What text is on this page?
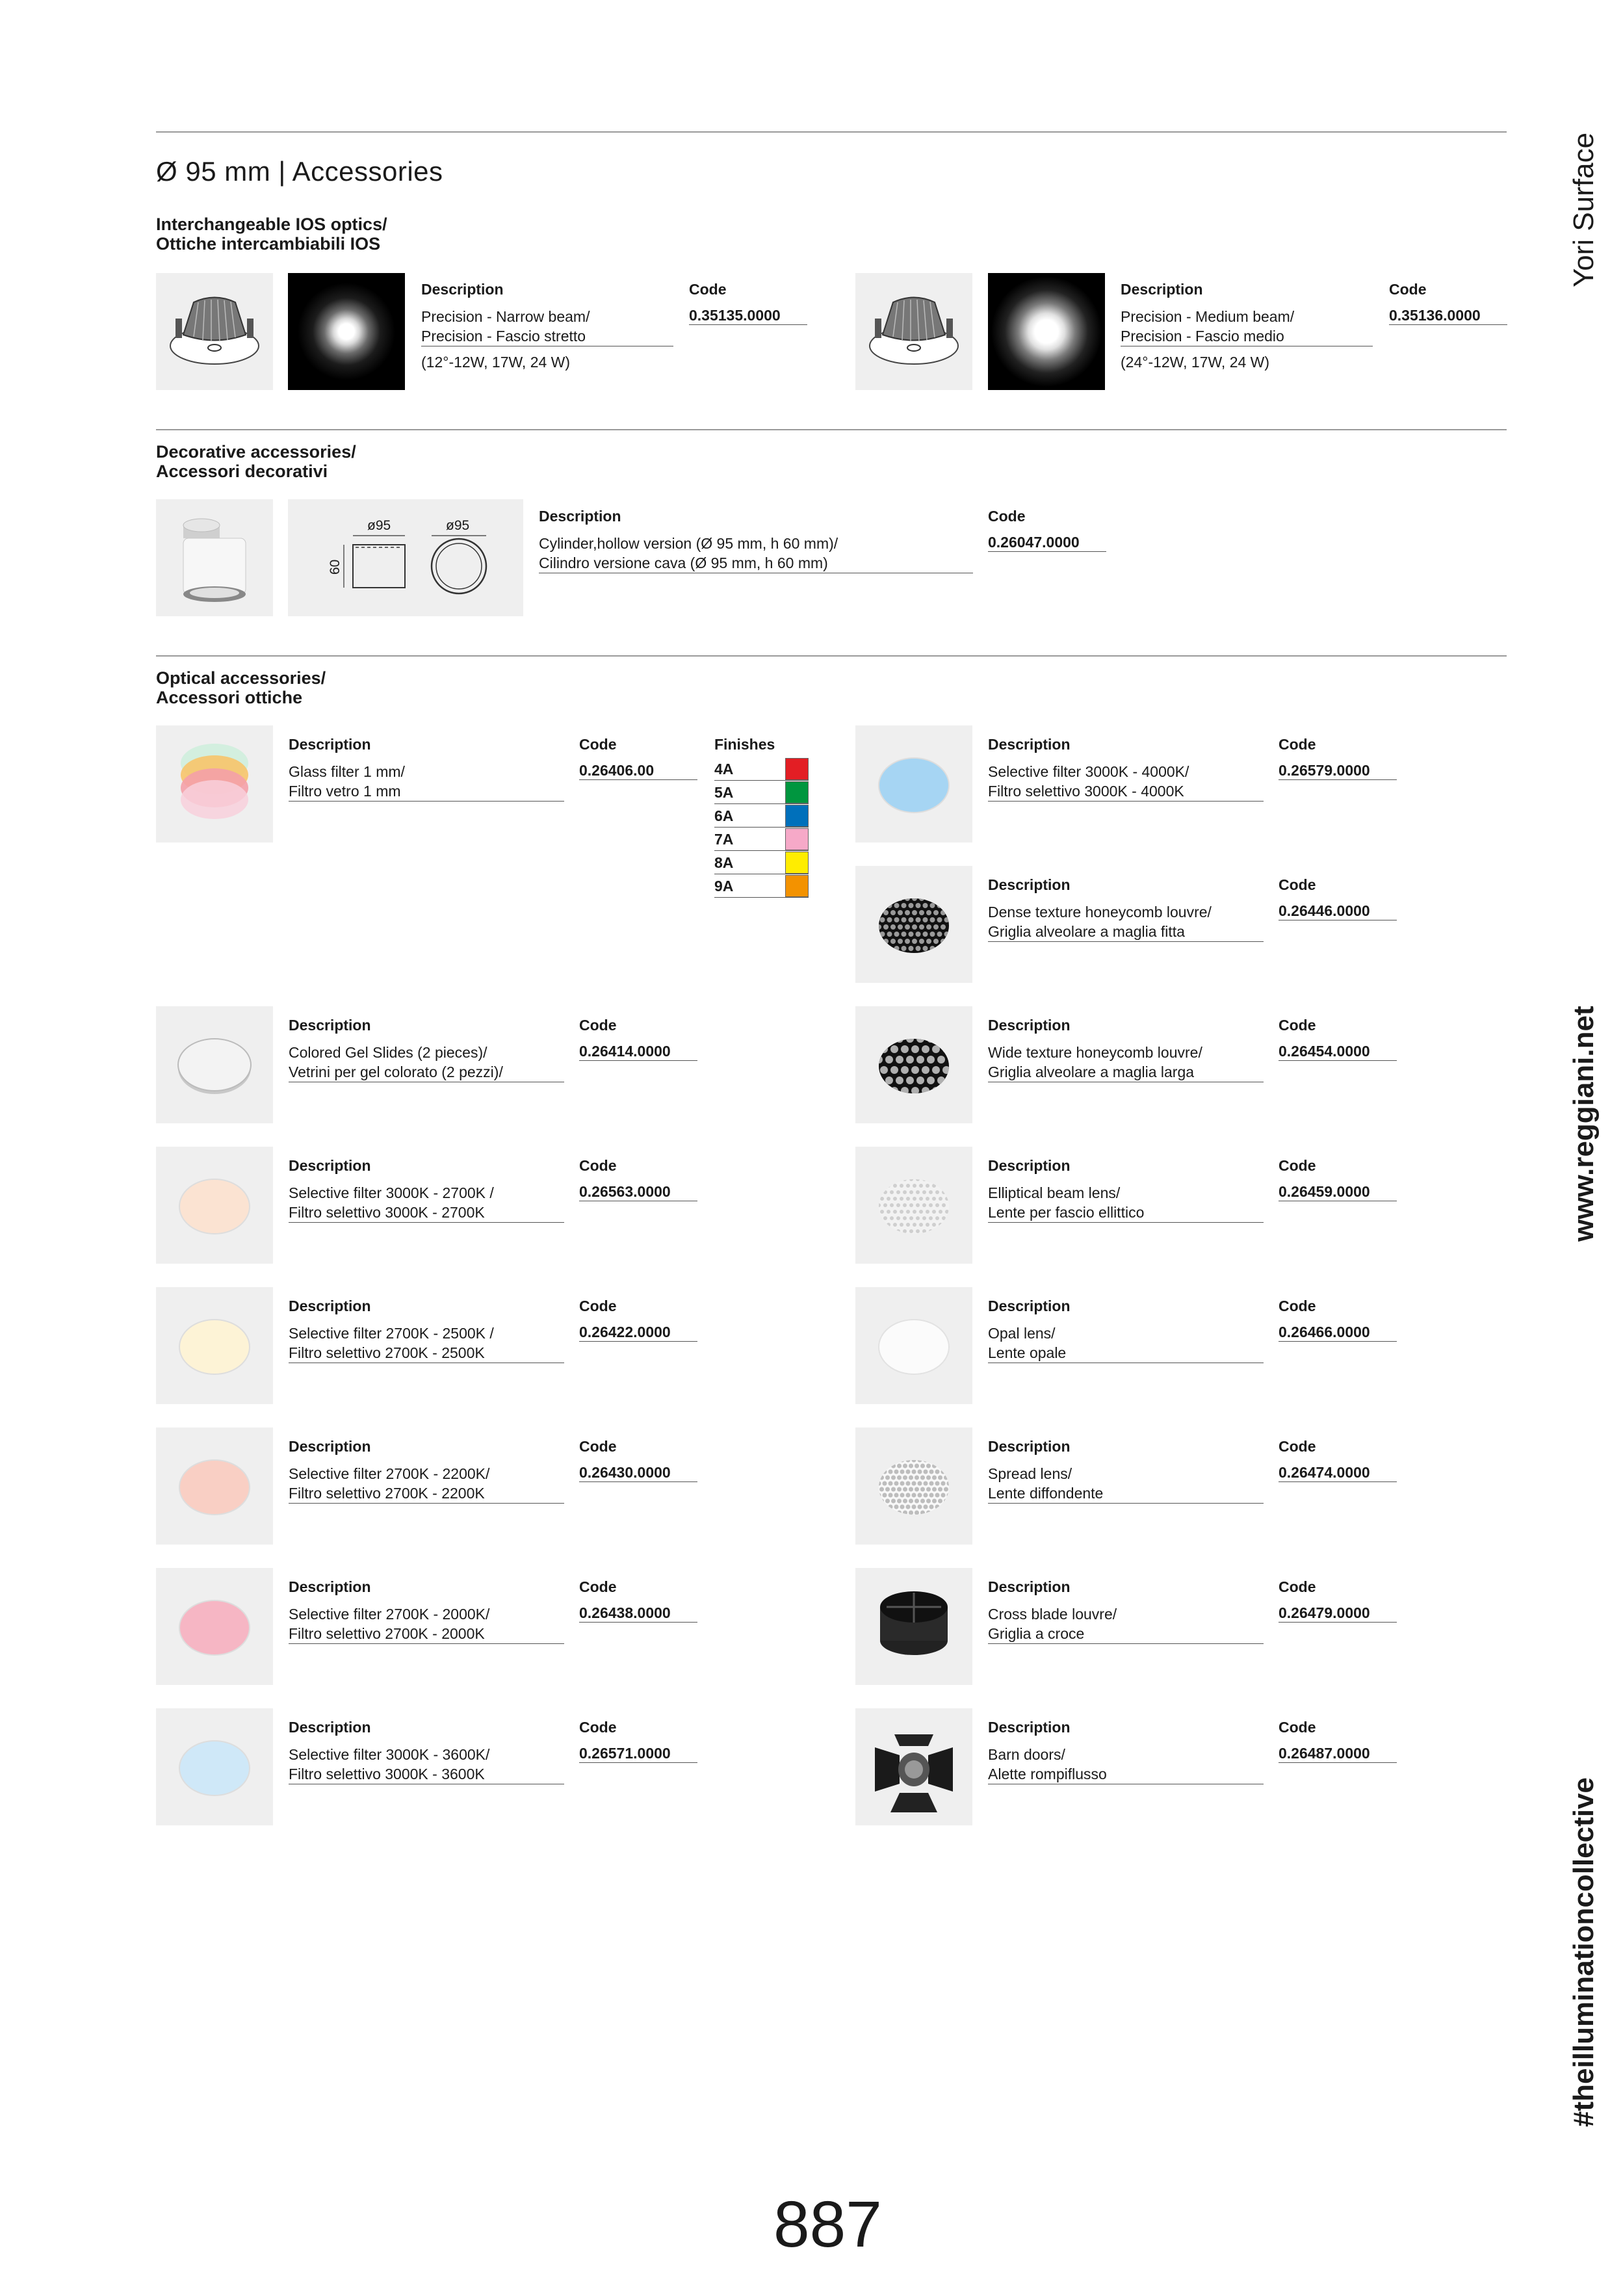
Ø 95 mm | Accessories	Yori Surface
www.reggiani.net
#theilluminationcollective
Interchangeable IOS optics/
Ottiche intercambiabili IOS
Description
Precision - Narrow beam/
Precision - Fascio stretto
(12°-12W, 17W, 24 W)
Code
0.35135.0000
Description
Precision - Medium beam/
Precision - Fascio medio
(24°-12W, 17W, 24 W)
Code
0.35136.0000
Decorative accessories/
Accessori decorativi
ø95	ø95
60
Description
Cylinder,hollow version (Ø 95 mm, h 60 mm)/
Cilindro versione cava (Ø 95 mm, h 60 mm)
Code
0.26047.0000
Optical accessories/
Accessori ottiche
Description
Glass filter 1 mm/
Filtro vetro 1 mm
Code
0.26406.00
Finishes
4A
5A
6A
7A
8A
9A
Description
Colored Gel Slides (2 pieces)/
Vetrini per gel colorato (2 pezzi)/
Code
0.26414.0000
Description
Selective filter 3000K - 2700K /
Filtro selettivo 3000K - 2700K
Code
0.26563.0000
Description
Selective filter 2700K - 2500K /
Filtro selettivo 2700K - 2500K
Code
0.26422.0000
Description
Selective filter 2700K - 2200K/
Filtro selettivo 2700K - 2200K
Code
0.26430.0000
Description
Selective filter 2700K - 2000K/
Filtro selettivo 2700K - 2000K
Code
0.26438.0000
Description
Selective filter 3000K - 3600K/
Filtro selettivo 3000K - 3600K
Code
0.26571.0000
Description
Selective filter 3000K - 4000K/
Filtro selettivo 3000K - 4000K
Code
0.26579.0000
Description
Dense texture honeycomb louvre/
Griglia alveolare a maglia fitta
Code
0.26446.0000
Description
Wide texture honeycomb louvre/
Griglia alveolare a maglia larga
Code
0.26454.0000
Description
Elliptical beam lens/
Lente per fascio ellittico
Code
0.26459.0000
Description
Opal lens/
Lente opale
Code
0.26466.0000
Description
Spread lens/
Lente diffondente
Code
0.26474.0000
Description
Cross blade louvre/
Griglia a croce
Code
0.26479.0000
Description
Barn doors/
Alette rompiflusso
Code
0.26487.0000
887
